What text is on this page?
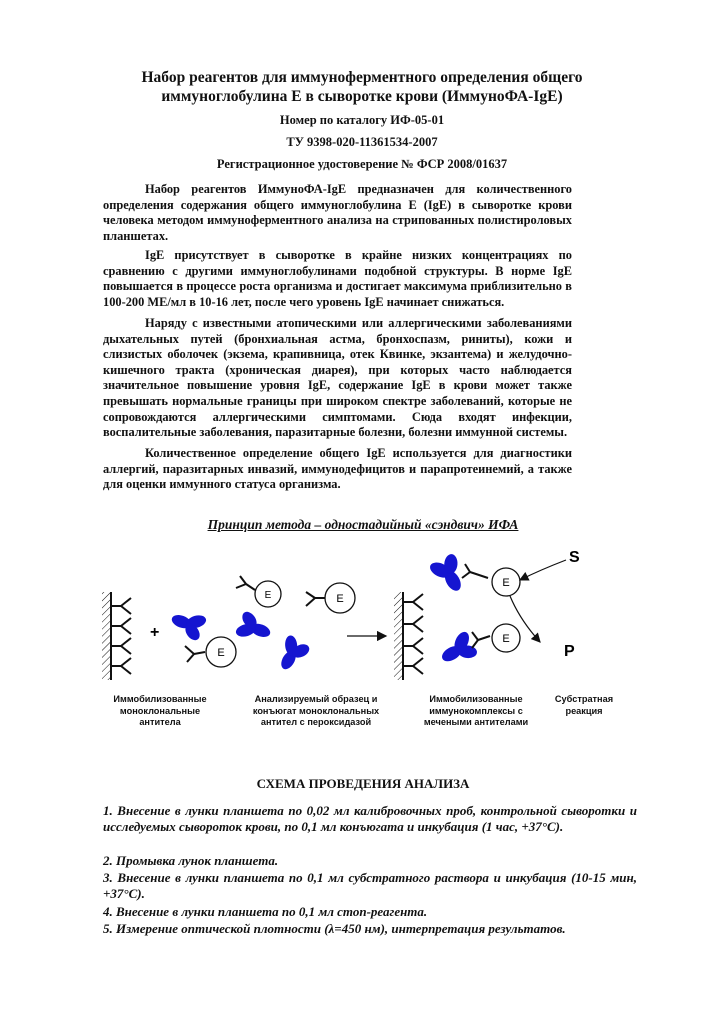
Набор реагентов для иммуноферментного определения общего
иммуноглобулина Е в сыворотке крови (ИммуноФА-IgE)
Номер по каталогу ИФ-05-01
ТУ 9398-020-11361534-2007
Регистрационное удостоверение № ФСР 2008/01637

Набор реагентов ИммуноФА-IgE предназначен для количественного определения содержания общего иммуноглобулина Е (IgE) в сыворотке крови человека методом иммуноферментного анализа на стрипованных полистироловых планшетах.

IgE присутствует в сыворотке в крайне низких концентрациях по сравнению с другими иммуноглобулинами подобной структуры. В норме IgE повышается в процессе роста организма и достигает максимума приблизительно в 100-200 МЕ/мл в 10-16 лет, после чего уровень IgE начинает снижаться.

Наряду с известными атопическими или аллергическими заболеваниями дыхательных путей (бронхиальная астма, бронхоспазм, риниты), кожи и слизистых оболочек (экзема, крапивница, отек Квинке, экзантема) и желудочно-кишечного тракта (хроническая диарея), при которых часто наблюдается значительное повышение уровня IgE, содержание IgE в крови может также превышать нормальные границы при широком спектре заболеваний, которые не сопровождаются аллергическими симптомами. Сюда входят инфекции, воспалительные заболевания, паразитарные болезни, болезни иммунной системы.

Количественное определение общего IgE используется для диагностики аллергий, паразитарных инвазий, иммунодефицитов и парапротеинемий, а также для оценки иммунного статуса организма.

Принцип метода – одностадийный «сэндвич» ИФА
+
E	E
E
E
E
S
P
Иммобилизованные моноклональные антитела
Анализируемый образец и конъюгат моноклональных антител с пероксидазой
Иммобилизованные иммунокомплексы с мечеными антителами
Субстратная реакция
СХЕМА ПРОВЕДЕНИЯ АНАЛИЗА

1. Внесение в лунки планшета по 0,02 мл калибровочных проб, контрольной сыворотки и исследуемых сывороток крови, по 0,1 мл конъюгата и инкубация (1 час, +37°С).

2. Промывка лунок планшета.

3. Внесение в лунки планшета по 0,1 мл субстратного раствора и инкубация (10-15 мин, +37°С).

4. Внесение в лунки планшета по 0,1 мл стоп-реагента.

5. Измерение оптической плотности (λ=450 нм), интерпретация результатов.
